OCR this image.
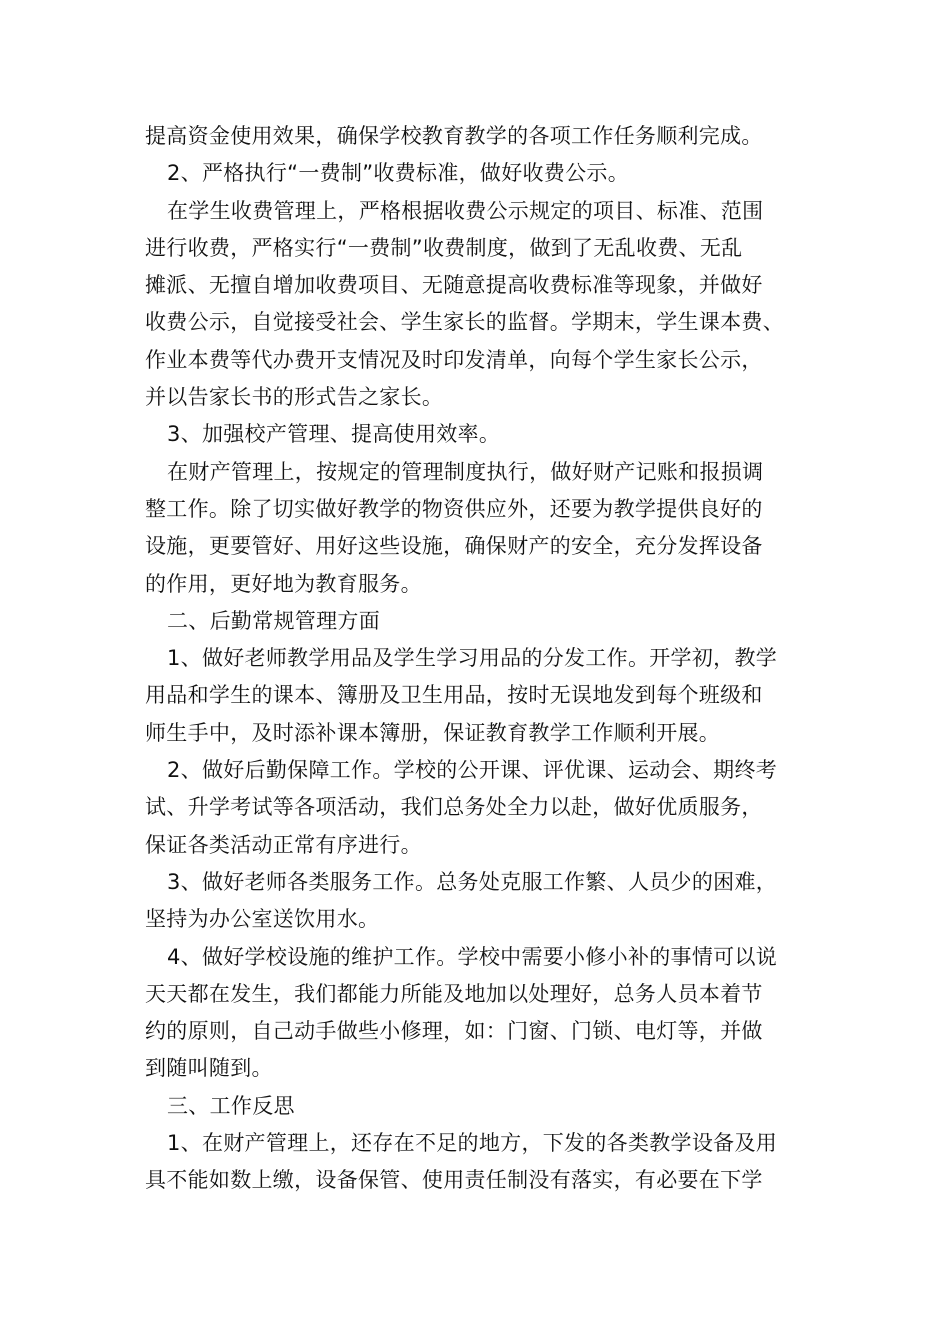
提高资金使用效果，确保学校教育教学的各项工作任务顺利完成。
2、严格执行“一费制”收费标准，做好收费公示。
在学生收费管理上，严格根据收费公示规定的项目、标准、范围
进行收费，严格实行“一费制”收费制度，做到了无乱收费、无乱
摊派、无擅自增加收费项目、无随意提高收费标准等现象，并做好
收费公示，自觉接受社会、学生家长的监督。学期末，学生课本费、
作业本费等代办费开支情况及时印发清单，向每个学生家长公示，
并以告家长书的形式告之家长。
3、加强校产管理、提高使用效率。
在财产管理上，按规定的管理制度执行，做好财产记账和报损调
整工作。除了切实做好教学的物资供应外，还要为教学提供良好的
设施，更要管好、用好这些设施，确保财产的安全，充分发挥设备
的作用，更好地为教育服务。
二、后勤常规管理方面
1、做好老师教学用品及学生学习用品的分发工作。开学初，教学
用品和学生的课本、簿册及卫生用品，按时无误地发到每个班级和
师生手中，及时添补课本簿册，保证教育教学工作顺利开展。
2、做好后勤保障工作。学校的公开课、评优课、运动会、期终考
试、升学考试等各项活动，我们总务处全力以赴，做好优质服务，
保证各类活动正常有序进行。
3、做好老师各类服务工作。总务处克服工作繁、人员少的困难，
坚持为办公室送饮用水。
4、做好学校设施的维护工作。学校中需要小修小补的事情可以说
天天都在发生，我们都能力所能及地加以处理好，总务人员本着节
约的原则，自己动手做些小修理，如：门窗、门锁、电灯等，并做
到随叫随到。
三、工作反思
1、在财产管理上，还存在不足的地方，下发的各类教学设备及用
具不能如数上缴，设备保管、使用责任制没有落实，有必要在下学
